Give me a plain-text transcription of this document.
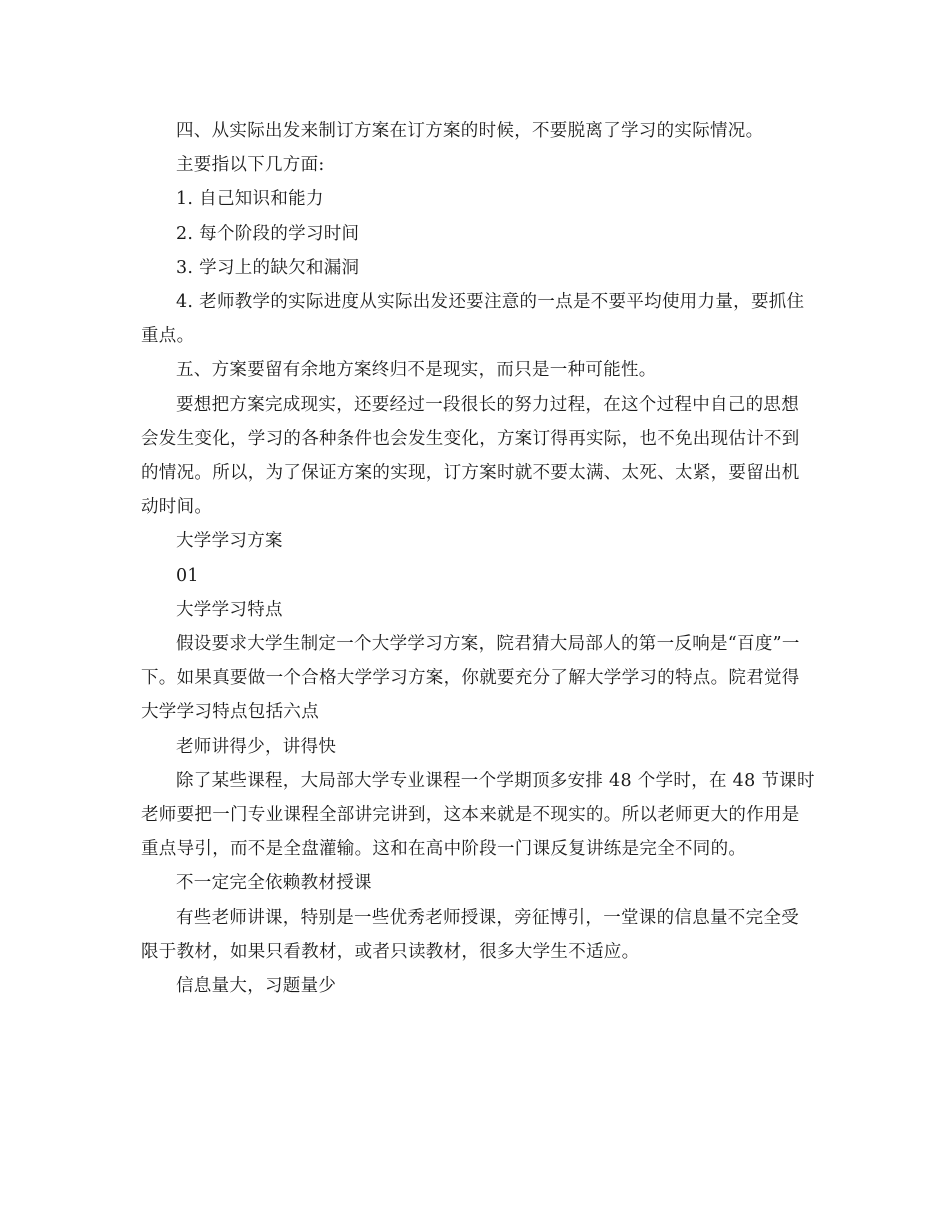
四、从实际出发来制订方案在订方案的时候，不要脱离了学习的实际情况。

主要指以下几方面:

1. 自己知识和能力

2. 每个阶段的学习时间

3. 学习上的缺欠和漏洞

4. 老师教学的实际进度从实际出发还要注意的一点是不要平均使用力量，要抓住重点。

五、方案要留有余地方案终归不是现实，而只是一种可能性。

要想把方案完成现实，还要经过一段很长的努力过程，在这个过程中自己的思想会发生变化，学习的各种条件也会发生变化，方案订得再实际，也不免出现估计不到的情况。所以，为了保证方案的实现，订方案时就不要太满、太死、太紧，要留出机动时间。

大学学习方案

01

大学学习特点

假设要求大学生制定一个大学学习方案，院君猜大局部人的第一反响是“百度”一下。如果真要做一个合格大学学习方案，你就要充分了解大学学习的特点。院君觉得大学学习特点包括六点

老师讲得少，讲得快

除了某些课程，大局部大学专业课程一个学期顶多安排 48 个学时，在 48 节课时老师要把一门专业课程全部讲完讲到，这本来就是不现实的。所以老师更大的作用是重点导引，而不是全盘灌输。这和在高中阶段一门课反复讲练是完全不同的。

不一定完全依赖教材授课

有些老师讲课，特别是一些优秀老师授课，旁征博引，一堂课的信息量不完全受限于教材，如果只看教材，或者只读教材，很多大学生不适应。

信息量大，习题量少
